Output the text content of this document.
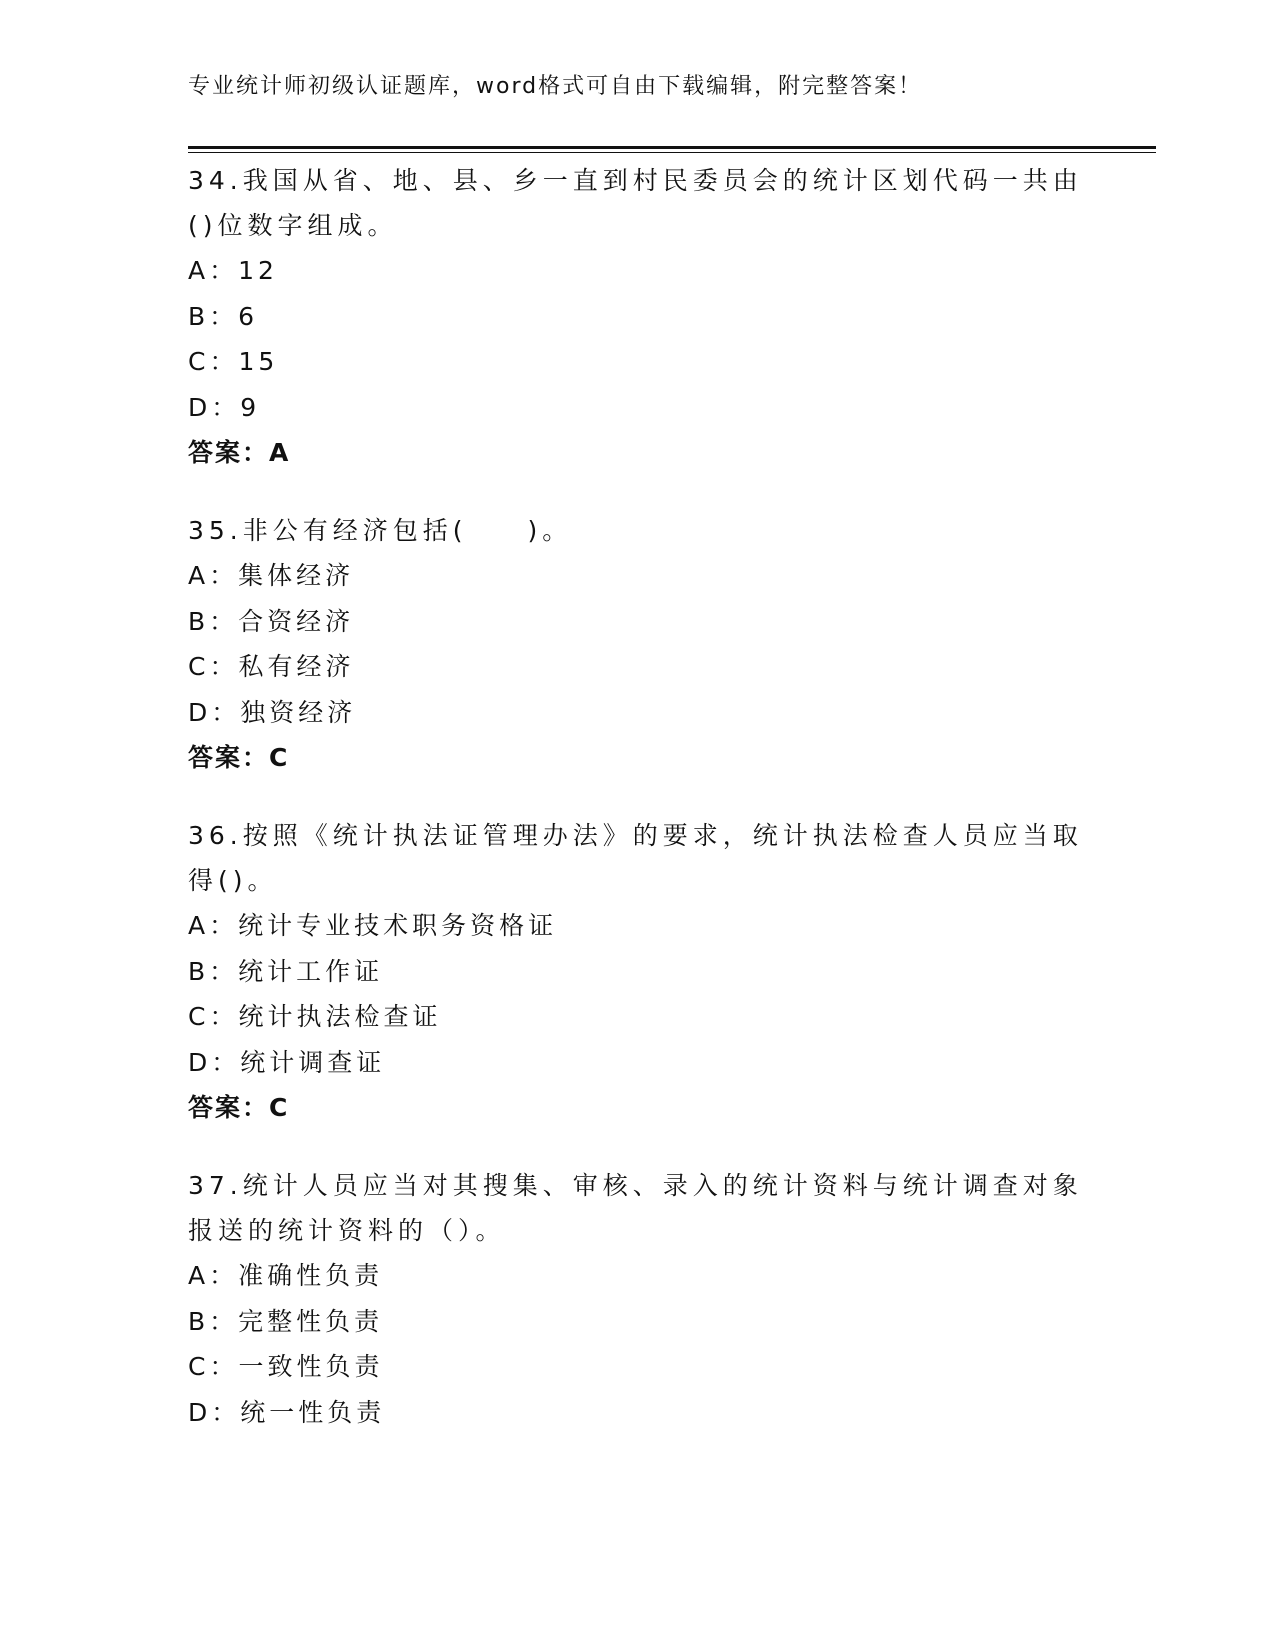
专业统计师初级认证题库，word格式可自由下载编辑，附完整答案！

34.我国从省、地、县、乡一直到村民委员会的统计区划代码一共由()位数字组成。

A：12
B：6
C：15
D：9
答案：A

35.非公有经济包括(　　)。

A：集体经济
B：合资经济
C：私有经济
D：独资经济
答案：C

36.按照《统计执法证管理办法》的要求，统计执法检查人员应当取得()。

A：统计专业技术职务资格证
B：统计工作证
C：统计执法检查证
D：统计调查证
答案：C

37.统计人员应当对其搜集、审核、录入的统计资料与统计调查对象报送的统计资料的（）。

A：准确性负责
B：完整性负责
C：一致性负责
D：统一性负责
